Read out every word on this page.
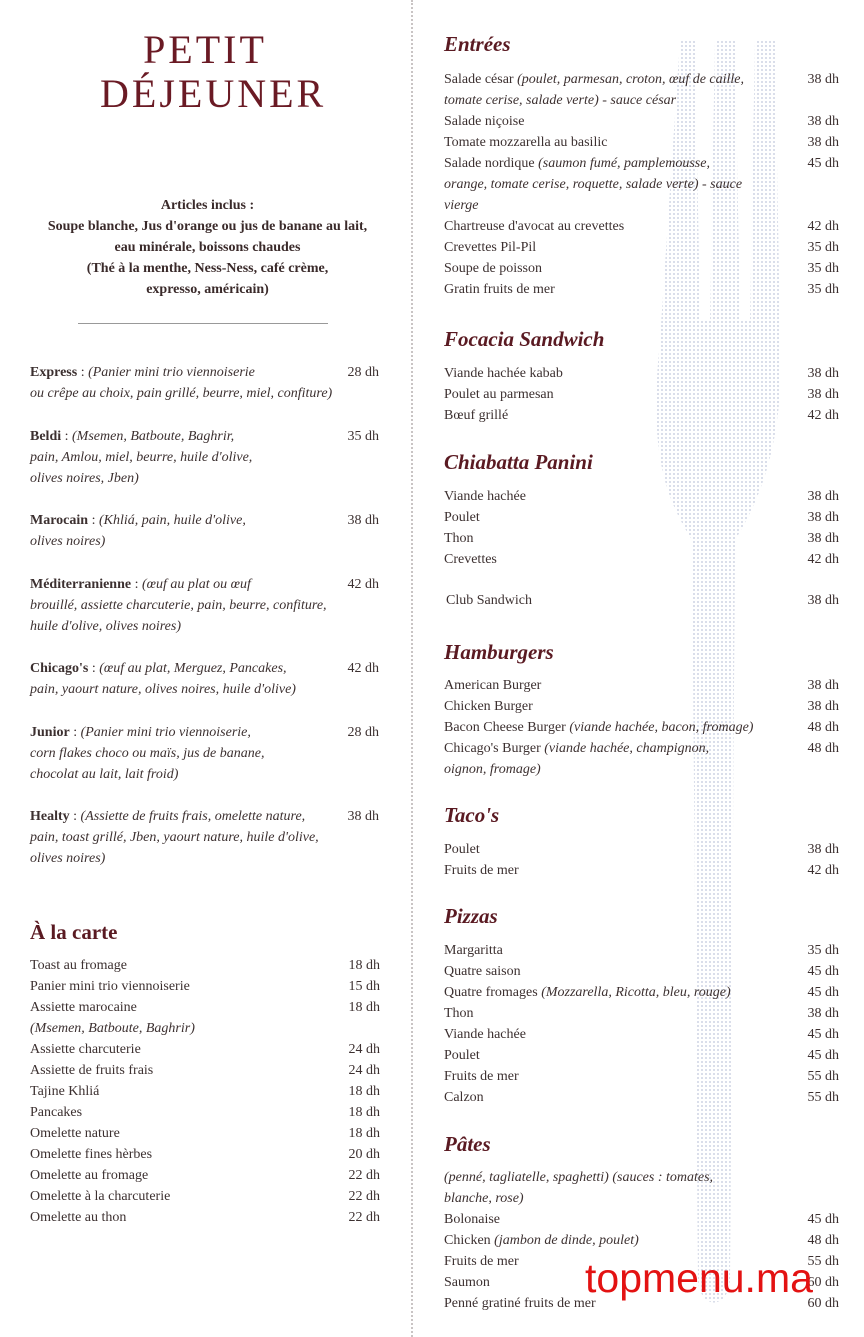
PETIT
DÉJEUNER
Articles inclus :
Soupe blanche, Jus d'orange ou jus de banane au lait,
eau minérale, boissons chaudes
(Thé à la menthe, Ness-Ness, café crème,
expresso, américain)
Express : (Panier mini trio viennoiserie
ou crêpe au choix, pain grillé, beurre, miel, confiture)
28 dh
Beldi : (Msemen, Batboute, Baghrir,
pain, Amlou, miel, beurre, huile d'olive,
olives noires, Jben)
35 dh
Marocain : (Khliá, pain, huile d'olive,
olives noires)
38 dh
Méditerranienne : (œuf au plat ou œuf
brouillé, assiette charcuterie, pain, beurre, confiture,
huile d'olive, olives noires)
42 dh
Chicago's : (œuf au plat, Merguez, Pancakes,
pain, yaourt nature, olives noires, huile d'olive)
42 dh
Junior : (Panier mini trio viennoiserie,
corn flakes choco ou maïs, jus de banane,
chocolat au lait, lait froid)
28 dh
Healty : (Assiette de fruits frais, omelette nature,
pain, toast grillé, Jben, yaourt nature, huile d'olive,
olives noires)
38 dh
À la carte
Toast au fromage	18 dh
Panier mini trio viennoiserie	15 dh
Assiette marocaine	18 dh
(Msemen, Batboute, Baghrir)
Assiette charcuterie	24 dh
Assiette de fruits frais	24 dh
Tajine Khliá	18 dh
Pancakes	18 dh
Omelette nature	18 dh
Omelette fines hèrbes	20 dh
Omelette au fromage	22 dh
Omelette à la charcuterie	22 dh
Omelette au thon	22 dh
Entrées
Salade césar (poulet, parmesan, croton, œuf de caille,
tomate cerise, salade verte) - sauce césar
38 dh
Salade niçoise	38 dh
Tomate mozzarella au basilic	38 dh
Salade nordique (saumon fumé, pamplemousse,
orange, tomate cerise, roquette, salade verte) - sauce
vierge
45 dh
Chartreuse d'avocat au crevettes	42 dh
Crevettes Pil-Pil	35 dh
Soupe de poisson	35 dh
Gratin fruits de mer	35 dh
Focacia Sandwich
Viande hachée kabab	38 dh
Poulet au parmesan	38 dh
Bœuf grillé	42 dh
Chiabatta Panini
Viande hachée	38 dh
Poulet	38 dh
Thon	38 dh
Crevettes	42 dh
Club Sandwich	38 dh
Hamburgers
American Burger	38 dh
Chicken Burger	38 dh
Bacon Cheese Burger (viande hachée, bacon, fromage)	48 dh
Chicago's Burger (viande hachée, champignon,
oignon, fromage)
48 dh
Taco's
Poulet	38 dh
Fruits de mer	42 dh
Pizzas
Margaritta	35 dh
Quatre saison	45 dh
Quatre fromages (Mozzarella, Ricotta, bleu, rouge)	45 dh
Thon	38 dh
Viande hachée	45 dh
Poulet	45 dh
Fruits de mer	55 dh
Calzon	55 dh
Pâtes
(penné, tagliatelle, spaghetti) (sauces : tomates,
blanche, rose)
Bolonaise	45 dh
Chicken (jambon de dinde, poulet)	48 dh
Fruits de mer	55 dh
Saumon	60 dh
Penné gratiné fruits de mer	60 dh
topmenu.ma
